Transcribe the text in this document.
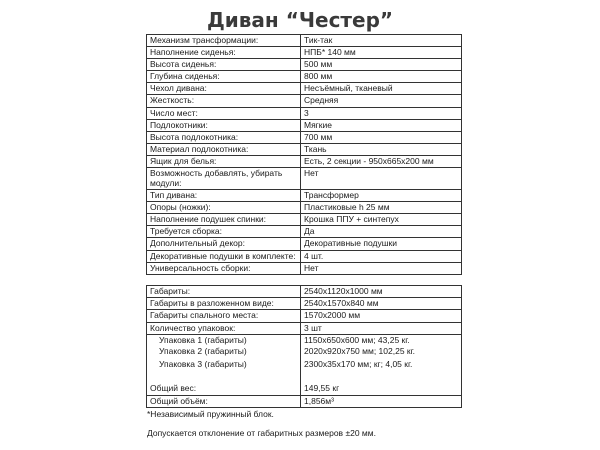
Диван “Честер”
Механизм трансформации:	Тик-так
Наполнение сиденья:	НПБ* 140 мм
Высота сиденья:	500 мм
Глубина сиденья:	800 мм
Чехол дивана:	Несъёмный, тканевый
Жесткость:	Средняя
Число мест:	3
Подлокотники:	Мягкие
Высота подлокотника:	700 мм
Материал подлокотника:	Ткань
Ящик для белья:	Есть, 2 секции - 950х665х200 мм
Возможность добавлять, убирать модули:	Нет
Тип дивана:	Трансформер
Опоры (ножки):	Пластиковые h 25 мм
Наполнение подушек спинки:	Крошка ППУ + синтепух
Требуется сборка:	Да
Дополнительный декор:	Декоративные подушки
Декоративные подушки в комплекте:	4 шт.
Универсальность сборки:	Нет
Габариты:	2540х1120х1000 мм
Габариты в разложенном виде:	2540х1570х840 мм
Габариты спального места:	1570х2000 мм
Количество упаковок:	3 шт
Упаковка 1 (габариты)	1150х650х600 мм; 43,25 кг.
Упаковка 2 (габариты)	2020х920х750 мм; 102,25 кг.
Упаковка 3 (габариты)	2300х35х170 мм; кг; 4,05 кг.

Общий вес:	149,55 кг
Общий объём:	1,856м³
*Независимый пружинный блок.
Допускается отклонение от габаритных размеров ±20 мм.
